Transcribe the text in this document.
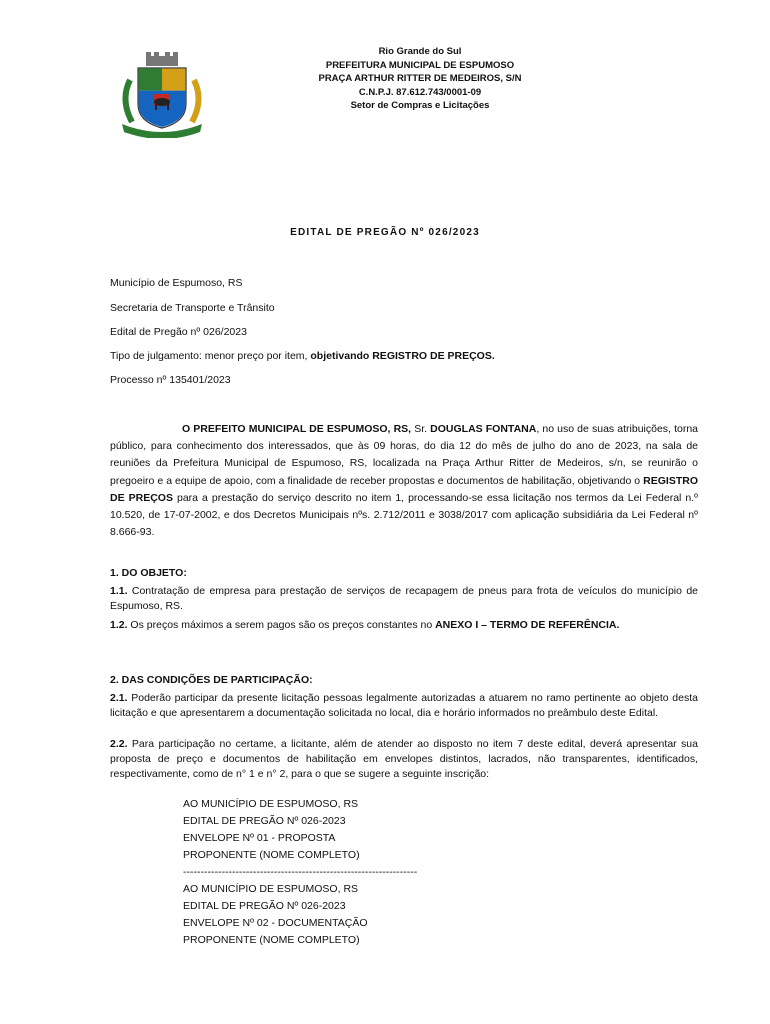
Rio Grande do Sul
PREFEITURA MUNICIPAL DE ESPUMOSO
PRAÇA ARTHUR RITTER DE MEDEIROS, S/N
C.N.P.J. 87.612.743/0001-09
Setor de Compras e Licitações
EDITAL DE PREGÃO Nº 026/2023
Município de Espumoso, RS
Secretaria de Transporte e Trânsito
Edital de Pregão nº 026/2023
Tipo de julgamento: menor preço por item, objetivando REGISTRO DE PREÇOS.
Processo nº 135401/2023
O PREFEITO MUNICIPAL DE ESPUMOSO, RS, Sr. DOUGLAS FONTANA, no uso de suas atribuições, torna público, para conhecimento dos interessados, que às 09 horas, do dia 12 do mês de julho do ano de 2023, na sala de reuniões da Prefeitura Municipal de Espumoso, RS, localizada na Praça Arthur Ritter de Medeiros, s/n, se reunirão o pregoeiro e a equipe de apoio, com a finalidade de receber propostas e documentos de habilitação, objetivando o REGISTRO DE PREÇOS para a prestação do serviço descrito no item 1, processando-se essa licitação nos termos da Lei Federal n.º 10.520, de 17-07-2002, e dos Decretos Municipais nºs. 2.712/2011 e 3038/2017 com aplicação subsidiária da Lei Federal nº 8.666-93.
1. DO OBJETO:
1.1. Contratação de empresa para prestação de serviços de recapagem de pneus para frota de veículos do município de Espumoso, RS.
1.2. Os preços máximos a serem pagos são os preços constantes no ANEXO I – TERMO DE REFERÊNCIA.
2. DAS CONDIÇÕES DE PARTICIPAÇÃO:
2.1. Poderão participar da presente licitação pessoas legalmente autorizadas a atuarem no ramo pertinente ao objeto desta licitação e que apresentarem a documentação solicitada no local, dia e horário informados no preâmbulo deste Edital.
2.2. Para participação no certame, a licitante, além de atender ao disposto no item 7 deste edital, deverá apresentar sua proposta de preço e documentos de habilitação em envelopes distintos, lacrados, não transparentes, identificados, respectivamente, como de n° 1 e n° 2, para o que se sugere a seguinte inscrição:
AO MUNICÍPIO DE ESPUMOSO, RS
EDITAL DE PREGÃO Nº 026-2023
ENVELOPE Nº 01 - PROPOSTA
PROPONENTE (NOME COMPLETO)
-------------------------------------------------------------------
AO MUNICÍPIO DE ESPUMOSO, RS
EDITAL DE PREGÃO Nº 026-2023
ENVELOPE Nº 02 - DOCUMENTAÇÃO
PROPONENTE (NOME COMPLETO)
